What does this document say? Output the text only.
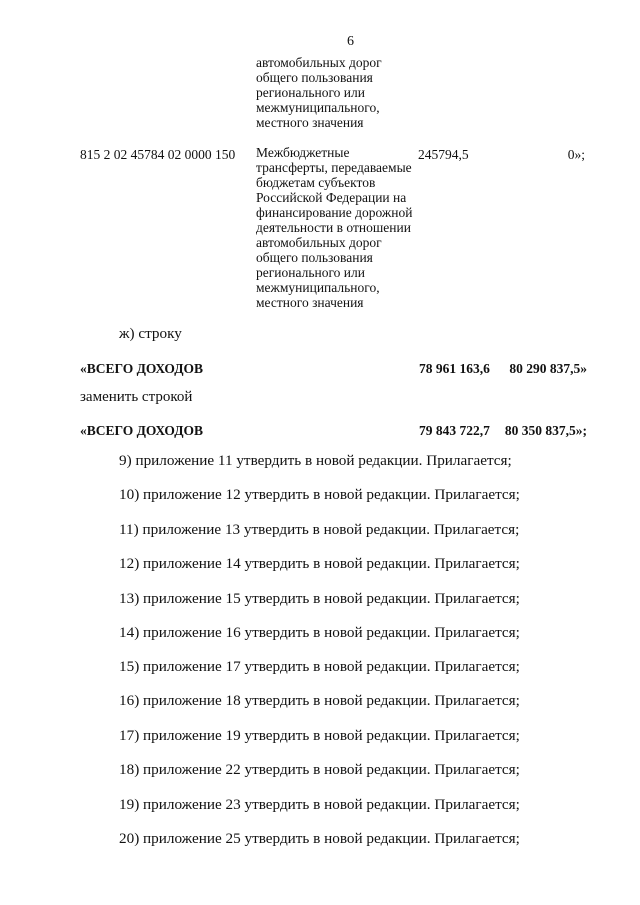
6
автомобильных дорог
общего пользования
регионального или
межмуниципального,
местного значения
815 2 02 45784 02 0000 150 Межбюджетные
трансферты, передаваемые
бюджетам субъектов
Российской Федерации на
финансирование дорожной
деятельности в отношении
автомобильных дорог
общего пользования
регионального или
межмуниципального,
местного значения
245794,5	0»;
ж) строку
«ВСЕГО ДОХОДОВ	78 961 163,6	80 290 837,5»
заменить строкой
«ВСЕГО ДОХОДОВ	79 843 722,7	80 350 837,5»;
9) приложение 11 утвердить в новой редакции. Прилагается;
10) приложение 12 утвердить в новой редакции. Прилагается;
11) приложение 13 утвердить в новой редакции. Прилагается;
12) приложение 14 утвердить в новой редакции. Прилагается;
13) приложение 15 утвердить в новой редакции. Прилагается;
14) приложение 16 утвердить в новой редакции. Прилагается;
15) приложение 17 утвердить в новой редакции. Прилагается;
16) приложение 18 утвердить в новой редакции. Прилагается;
17) приложение 19 утвердить в новой редакции. Прилагается;
18) приложение 22 утвердить в новой редакции. Прилагается;
19) приложение 23 утвердить в новой редакции. Прилагается;
20) приложение 25 утвердить в новой редакции. Прилагается;
